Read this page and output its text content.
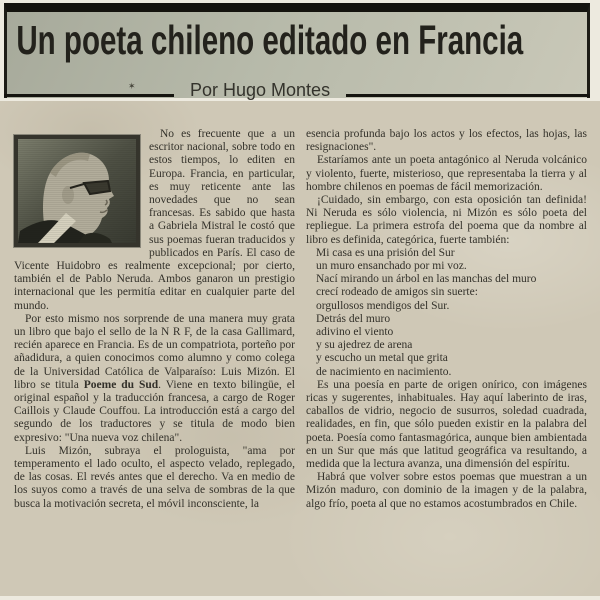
Un poeta chileno editado en Francia
✶	Por Hugo Montes

No es frecuente que a un escritor nacional, sobre todo en estos tiempos, lo editen en Europa. Francia, en particular, es muy reticente ante las novedades que no sean francesas. Es sabido que hasta a Gabriela Mistral le costó que sus poemas fueran traducidos y publicados en París. El caso de Vicente Huidobro es realmente excepcional; por cierto, también el de Pablo Neruda. Ambos ganaron un prestigio internacional que les permitía editar en cualquier parte del mundo.

Por esto mismo nos sorprende de una manera muy grata un libro que bajo el sello de la N R F, de la casa Gallimard, recién aparece en Francia. Es de un compatriota, porteño por añadidura, a quien conocimos como alumno y como colega de la Universidad Católica de Valparaíso: Luis Mizón. El libro se titula Poeme du Sud. Viene en texto bilingüe, el original español y la traducción francesa, a cargo de Roger Caillois y Claude Couffou. La introducción está a cargo del segundo de los traductores y se titula de modo bien expresivo: "Una nueva voz chilena".

Luis Mizón, subraya el prologuista, "ama por temperamento el lado oculto, el aspecto velado, replegado, de las cosas. El revés antes que el derecho. Va en medio de los suyos como a través de una selva de sombras de la que busca la motivación secreta, el móvil inconsciente, la

esencia profunda bajo los actos y los efectos, las hojas, las resignaciones".

Estaríamos ante un poeta antagónico al Neruda volcánico y violento, fuerte, misterioso, que representaba la tierra y al hombre chilenos en poemas de fácil memorización.

¡Cuidado, sin embargo, con esta oposición tan definida! Ni Neruda es sólo violencia, ni Mizón es sólo poeta del repliegue. La primera estrofa del poema que da nombre al libro es definida, categórica, fuerte también:

Mi casa es una prisión del Sur
un muro ensanchado por mi voz.
Nací mirando un árbol en las manchas del muro
crecí rodeado de amigos sin suerte:
orgullosos mendigos del Sur.
Detrás del muro
adivino el viento
y su ajedrez de arena
y escucho un metal que grita
de nacimiento en nacimiento.

Es una poesía en parte de origen onírico, con imágenes ricas y sugerentes, inhabituales. Hay aquí laberinto de iras, caballos de vidrio, negocio de susurros, soledad cuadrada, realidades, en fin, que sólo pueden existir en la palabra del poeta. Poesía como fantasmagórica, aunque bien ambientada en un Sur que más que latitud geográfica va resultando, a medida que la lectura avanza, una dimensión del espíritu.

Habrá que volver sobre estos poemas que muestran a un Mizón maduro, con dominio de la imagen y de la palabra, algo frío, poeta al que no estamos acostumbrados en Chile.
